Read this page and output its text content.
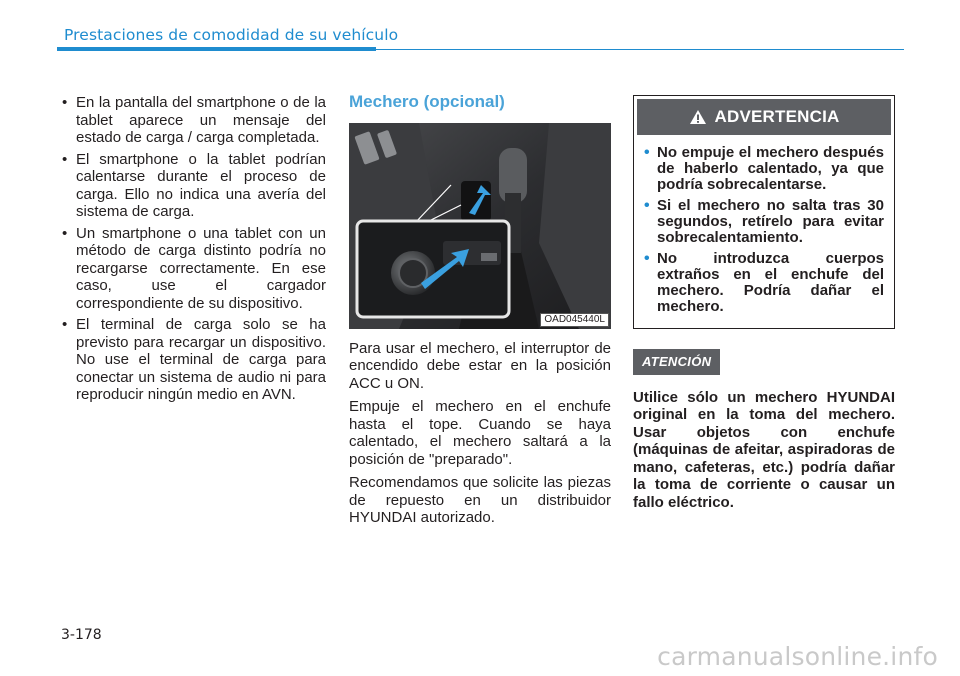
Prestaciones de comodidad de su vehículo
• En la pantalla del smartphone o de la tablet aparece un mensaje del estado de carga / carga completada.
• El smartphone o la tablet podrían calentarse durante el proceso de carga. Ello no indica una avería del sistema de carga.
• Un smartphone o una tablet con un método de carga distinto podría no recargarse correctamente. En ese caso, use el cargador correspondiente de su dispositivo.
• El terminal de carga solo se ha previsto para recargar un dispositivo. No use el terminal de carga para conectar un sistema de audio ni para reproducir ningún medio en AVN.
Mechero (opcional)
OAD045440L

Para usar el mechero, el interruptor de encendido debe estar en la posición ACC u ON.

Empuje el mechero en el enchufe hasta el tope. Cuando se haya calentado, el mechero saltará a la posición de "preparado".

Recomendamos que solicite las piezas de repuesto en un distribuidor HYUNDAI autorizado.

ADVERTENCIA
• No empuje el mechero después de haberlo calentado, ya que podría sobrecalentarse.
• Si el mechero no salta tras 30 segundos, retírelo para evitar sobrecalentamiento.
• No introduzca cuerpos extraños en el enchufe del mechero. Podría dañar el mechero.
ATENCIÓN

Utilice sólo un mechero HYUNDAI original en la toma del mechero. Usar objetos con enchufe (máquinas de afeitar, aspiradoras de mano, cafeteras, etc.) podría dañar la toma de corriente o causar un fallo eléctrico.

3-178
carmanualsonline.info
